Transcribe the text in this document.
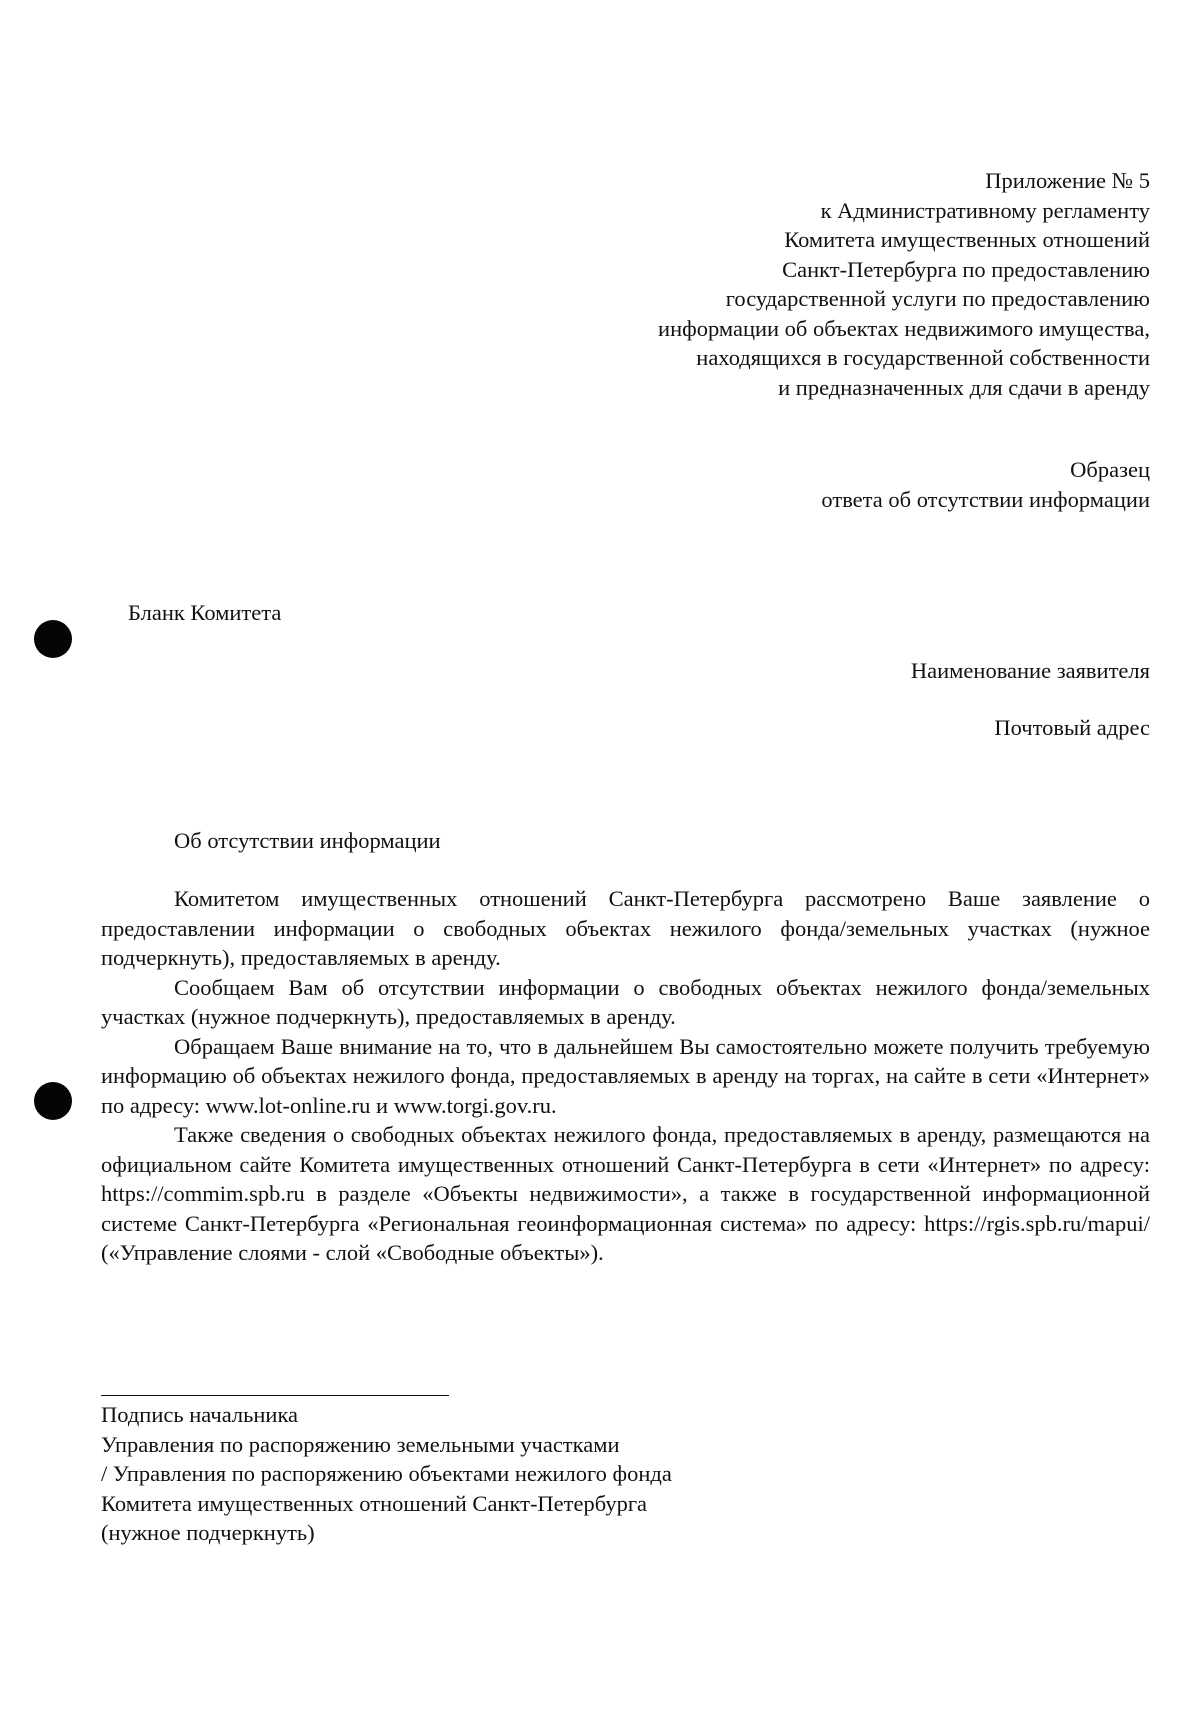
Приложение № 5
к Административному регламенту
Комитета имущественных отношений
Санкт-Петербурга по предоставлению
государственной услуги по предоставлению
информации об объектах недвижимого имущества,
находящихся в государственной собственности
и предназначенных для сдачи в аренду
Образец
ответа об отсутствии информации
Бланк Комитета
Наименование заявителя
Почтовый адрес
Об отсутствии информации

Комитетом имущественных отношений Санкт-Петербурга рассмотрено Ваше заявление о предоставлении информации о свободных объектах нежилого фонда/земельных участках (нужное подчеркнуть), предоставляемых в аренду.

Сообщаем Вам об отсутствии информации о свободных объектах нежилого фонда/земельных участках (нужное подчеркнуть), предоставляемых в аренду.

Обращаем Ваше внимание на то, что в дальнейшем Вы самостоятельно можете получить требуемую информацию об объектах нежилого фонда, предоставляемых в аренду на торгах, на сайте в сети «Интернет» по адресу: www.lot-online.ru и www.torgi.gov.ru.

Также сведения о свободных объектах нежилого фонда, предоставляемых в аренду, размещаются на официальном сайте Комитета имущественных отношений Санкт-Петербурга в сети «Интернет» по адресу: https://commim.spb.ru в разделе «Объекты недвижимости», а также в государственной информационной системе Санкт-Петербурга «Региональная геоинформационная система» по адресу: https://rgis.spb.ru/mapui/ («Управление слоями - слой «Свободные объекты»).

Подпись начальника
Управления по распоряжению земельными участками
/ Управления по распоряжению объектами нежилого фонда
Комитета имущественных отношений Санкт-Петербурга
(нужное подчеркнуть)
